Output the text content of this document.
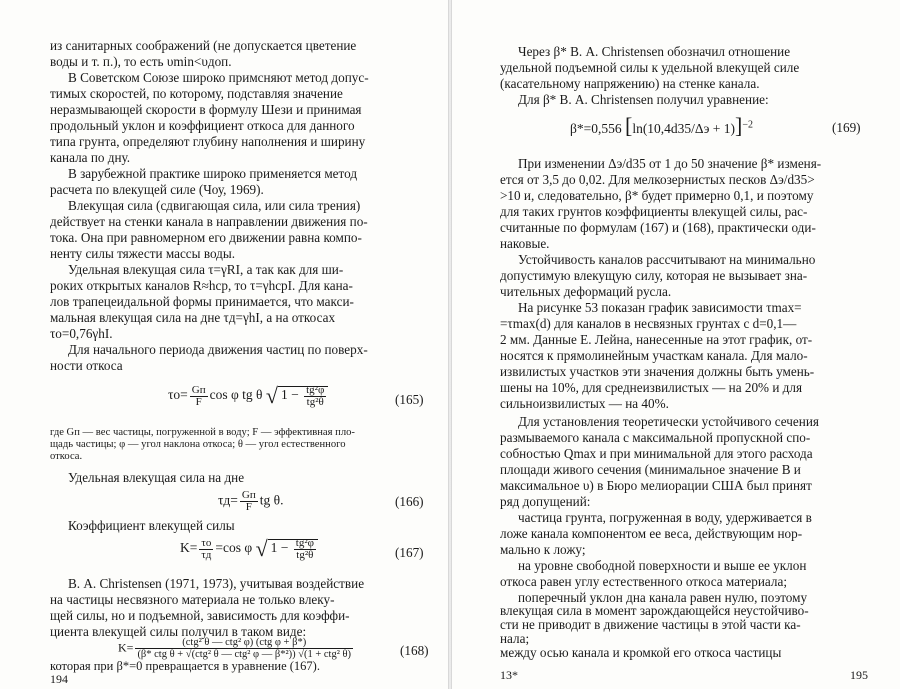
из санитарных соображений (не допускается цветение
воды и т. п.), то есть υmin<υдоп.
В Советском Союзе широко примсняют метод допус-
тимых скоростей, по которому, подставляя значение
неразмывающей скорости в формулу Шези и принимая
продольный уклон и коэффициент откоса для данного
типа грунта, определяют глубину наполнения и ширину
канала по дну.
В зарубежной практике широко применяется метод
расчета по влекущей силе (Чоу, 1969).
Влекущая сила (сдвигающая сила, или сила трения)
действует на стенки канала в направлении движения по-
тока. Она при равномерном его движении равна компо-
ненту силы тяжести массы воды.
Удельная влекущая сила τ=γRI, а так как для ши-
роких открытых каналов R≈hср, то τ=γhсрI. Для кана-
лов трапецеидальной формы принимается, что макси-
мальная влекущая сила на дне τд=γhI, а на откосах
τо=0,76γhI.
Для начального периода движения частиц по поверх-
ности откоса
$\tau о= \frac{Gп}{F}$ cos φ tg θ √ $1 - \frac{\text{tg²φ}}{\text{tg²θ}}$	(165)
где Gп — вес частицы, погруженной в воду; F — эффективная пло-
щадь частицы; φ — угол наклона откоса; θ — угол естественного
откоса.
Удельная влекущая сила на дне
$\tau д= \frac{Gп}{F}$ tg θ.	(166)
Коэффициент влекущей силы
$K= \frac{\tau о}{\tau д} =\cos$ φ √ $1 - \frac{\text{tg²φ}}{\text{tg²θ}}$	(167)
В. А. Christensen (1971, 1973), учитывая воздействие
на частицы несвязного материала не только влеку-
щей силы, но и подъемной, зависимость для коэффи-
циента влекущей силы получил в таком виде:
$K= \frac{\text{(ctg² θ — ctg² φ) (ctg φ + β*)}}{\text{(β* ctg θ + √(ctg² θ — ctg² φ — β*²)) √(1 + ctg² θ)}}$	(168)
которая при β*=0 превращается в уравнение (167).
Через β* В. А. Christensen обозначил отношение
удельной подъемной силы к удельной влекущей силе
(касательному напряжению) на стенке канала.
Для β* В. А. Christensen получил уравнение:
β*=0,556 $[\ln(10,4d35/\Delta э + 1)]^{-2}$	(169)
При изменении Δэ/d35 от 1 до 50 значение β* изменя-
ется от 3,5 до 0,02. Для мелкозернистых песков Δэ/d35>
>10 и, следовательно, β* будет примерно 0,1, и поэтому
для таких грунтов коэффициенты влекущей силы, рас-
считанные по формулам (167) и (168), практически оди-
наковые.
Устойчивость каналов рассчитывают на минимально
допустимую влекущую силу, которая не вызывает зна-
чительных деформаций русла.
На рисунке 53 показан график зависимости τmax=
=τmax(d) для каналов в несвязных грунтах с d=0,1—
2 мм. Данные Е. Лейна, нанесенные на этот график, от-
носятся к прямолинейным участкам канала. Для мало-
извилистых участков эти значения должны быть умень-
шены на 10%, для среднеизвилистых — на 20% и для
сильноизвилистых — на 40%.
Для установления теоретически устойчивого сечения
размываемого канала с максимальной пропускной спо-
собностью Qmax и при минимальной для этого расхода
площади живого сечения (минимальное значение B и
максимальное υ) в Бюро мелиорации США был принят
ряд допущений:
частица грунта, погруженная в воду, удерживается в
ложе канала компонентом ее веса, действующим нор-
мально к ложу;
на уровне свободной поверхности и выше ее уклон
откоса равен углу естественного откоса материала;
поперечный уклон дна канала равен нулю, поэтому
влекущая сила в момент зарождающейся неустойчиво-
сти не приводит в движение частицы в этой части ка-
нала;
между осью канала и кромкой его откоса частицы
13*	195
194
